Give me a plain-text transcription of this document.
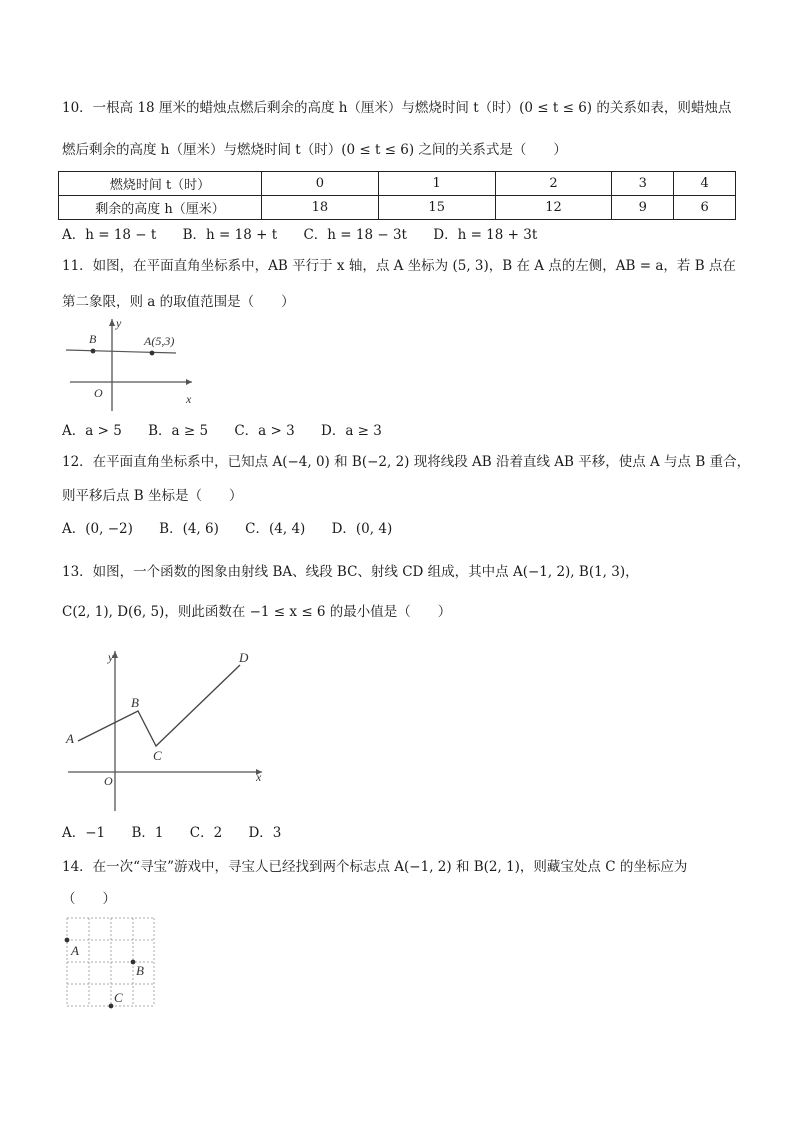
10．一根高 18 厘米的蜡烛点燃后剩余的高度 h（厘米）与燃烧时间 t（时）(0 ≤ t ≤ 6) 的关系如表，则蜡烛点
燃后剩余的高度 h（厘米）与燃烧时间 t（时）(0 ≤ t ≤ 6) 之间的关系式是（　　）
燃烧时间 t（时）	0	1	2	3	4
剩余的高度 h（厘米）	18	15	12	9	6
A．h = 18 − t B．h = 18 + t C．h = 18 − 3t D．h = 18 + 3t
11．如图，在平面直角坐标系中，AB 平行于 x 轴，点 A 坐标为 (5, 3)，B 在 A 点的左侧，AB = a，若 B 点在
第二象限，则 a 的取值范围是（　　）
y
x
O
B	A(5,3)
A．a > 5 B．a ≥ 5 C．a > 3 D．a ≥ 3
12．在平面直角坐标系中，已知点 A(−4, 0) 和 B(−2, 2) 现将线段 AB 沿着直线 AB 平移，使点 A 与点 B 重合，
则平移后点 B 坐标是（　　）
A．(0, −2) B．(4, 6) C．(4, 4) D．(0, 4)
13．如图，一个函数的图象由射线 BA、线段 BC、射线 CD 组成，其中点 A(−1, 2), B(1, 3)，
C(2, 1), D(6, 5)，则此函数在 −1 ≤ x ≤ 6 的最小值是（　　）
y
x
O
A
B
C
D
A．−1 B．1 C．2 D．3
14．在一次“寻宝”游戏中，寻宝人已经找到两个标志点 A(−1, 2) 和 B(2, 1)，则藏宝处点 C 的坐标应为
（　　）
A
B
C
